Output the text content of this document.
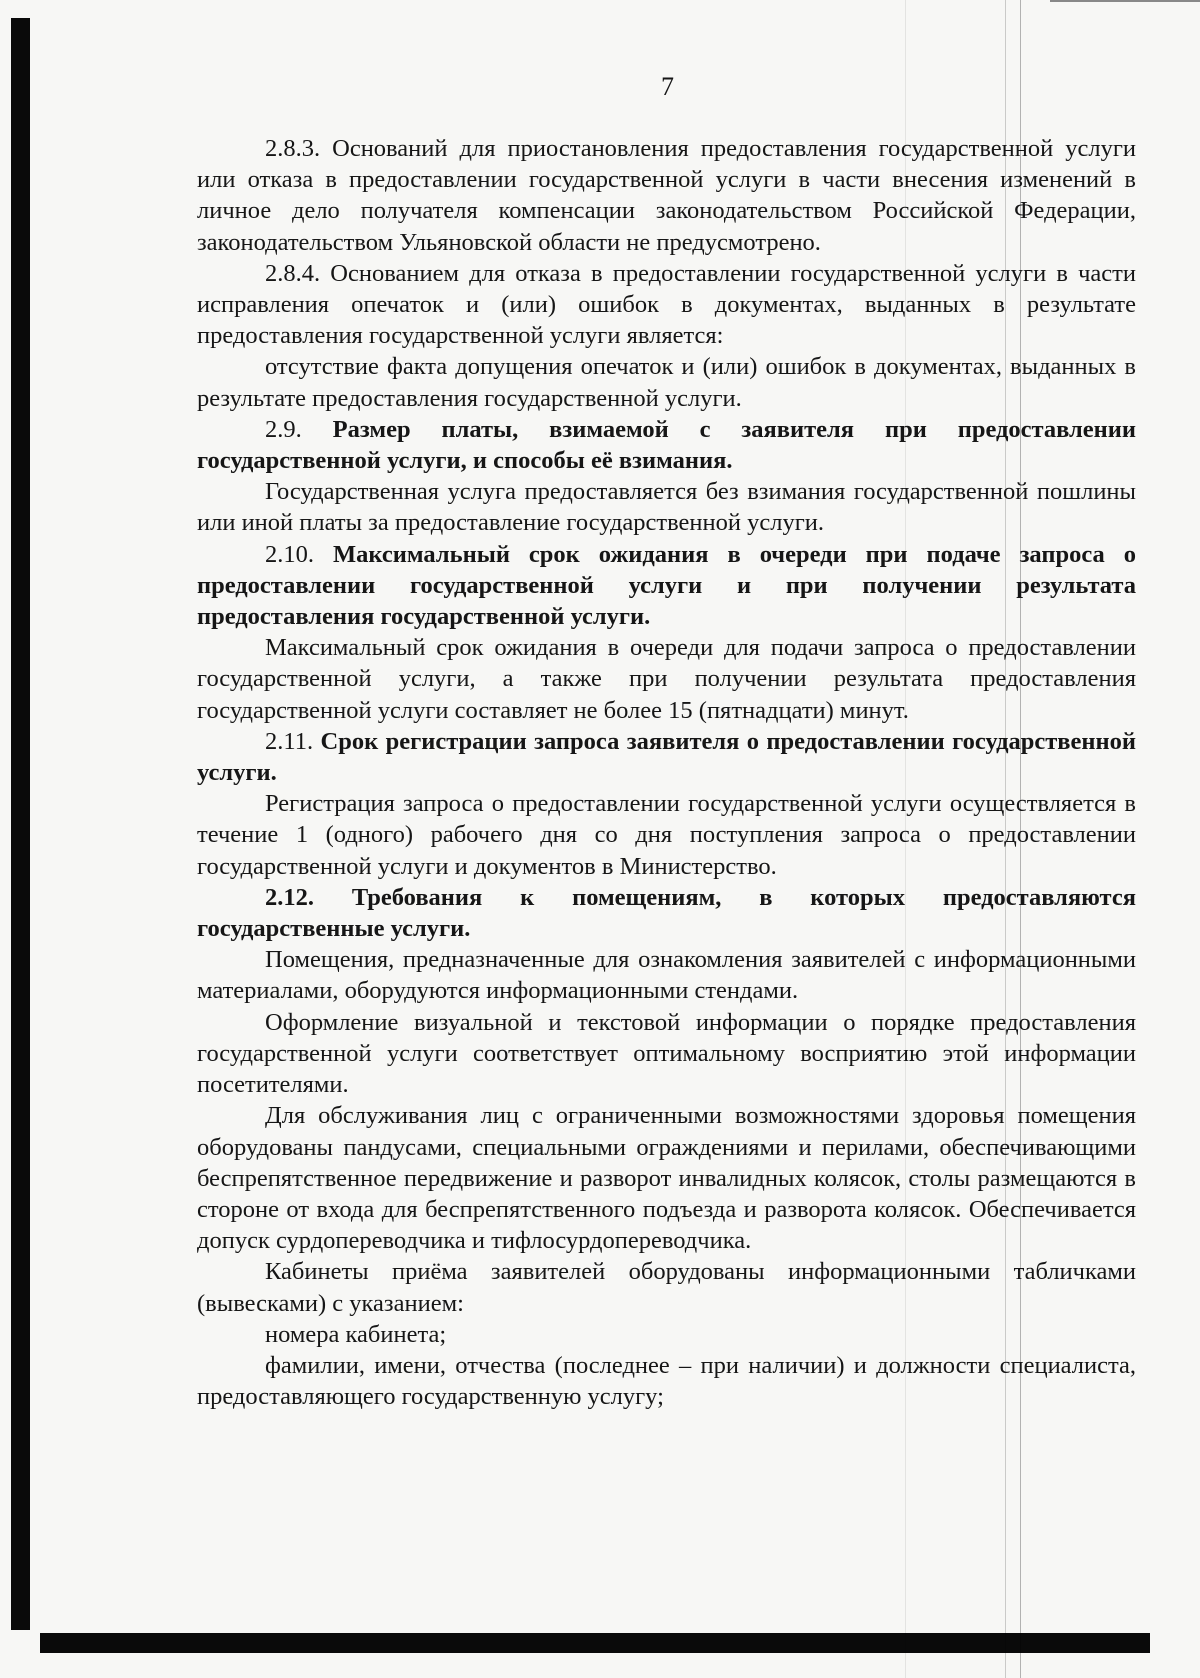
7

2.8.3. Оснований для приостановления предоставления государственной услуги или отказа в предоставлении государственной услуги в части внесения изменений в личное дело получателя компенсации законодательством Российской Федерации, законодательством Ульяновской области не предусмотрено.

2.8.4. Основанием для отказа в предоставлении государственной услуги в части исправления опечаток и (или) ошибок в документах, выданных в результате предоставления государственной услуги является:

отсутствие факта допущения опечаток и (или) ошибок в документах, выданных в результате предоставления государственной услуги.

2.9. Размер платы, взимаемой с заявителя при предоставлении государственной услуги, и способы её взимания.

Государственная услуга предоставляется без взимания государственной пошлины или иной платы за предоставление государственной услуги.

2.10. Максимальный срок ожидания в очереди при подаче запроса о предоставлении государственной услуги и при получении результата предоставления государственной услуги.

Максимальный срок ожидания в очереди для подачи запроса о предоставлении государственной услуги, а также при получении результата предоставления государственной услуги составляет не более 15 (пятнадцати) минут.

2.11. Срок регистрации запроса заявителя о предоставлении государственной услуги.

Регистрация запроса о предоставлении государственной услуги осуществляется в течение 1 (одного) рабочего дня со дня поступления запроса о предоставлении государственной услуги и документов в Министерство.

2.12. Требования к помещениям, в которых предоставляются государственные услуги.

Помещения, предназначенные для ознакомления заявителей с информационными материалами, оборудуются информационными стендами.

Оформление визуальной и текстовой информации о порядке предоставления государственной услуги соответствует оптимальному восприятию этой информации посетителями.

Для обслуживания лиц с ограниченными возможностями здоровья помещения оборудованы пандусами, специальными ограждениями и перилами, обеспечивающими беспрепятственное передвижение и разворот инвалидных колясок, столы размещаются в стороне от входа для беспрепятственного подъезда и разворота колясок. Обеспечивается допуск сурдопереводчика и тифлосурдопереводчика.

Кабинеты приёма заявителей оборудованы информационными табличками (вывесками) с указанием:

номера кабинета;

фамилии, имени, отчества (последнее – при наличии) и должности специалиста, предоставляющего государственную услугу;
